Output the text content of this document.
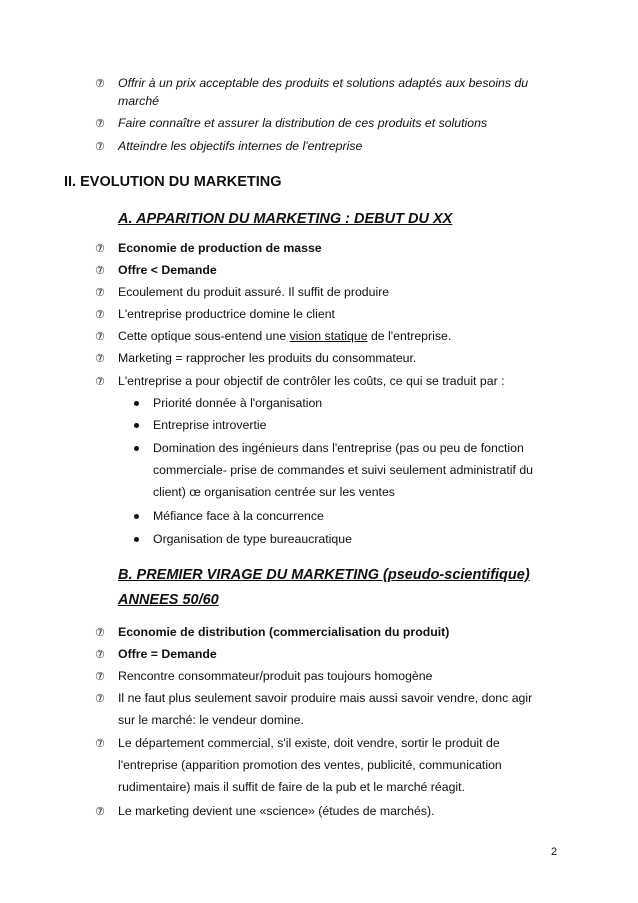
⑦	Offrir à un prix acceptable des produits et solutions adaptés aux besoins du
marché
⑦	Faire connaître et assurer la distribution de ces produits et solutions
⑦	Atteindre les objectifs internes de l'entreprise
II. EVOLUTION DU MARKETING
A. APPARITION DU MARKETING : DEBUT DU XX
⑦	Economie de production de masse
⑦	Offre < Demande
⑦	Ecoulement du produit assuré. Il suffit de produire
⑦	L'entreprise productrice domine le client
⑦	Cette optique sous-entend une vision statique de l'entreprise.
⑦	Marketing = rapprocher les produits du consommateur.
⑦	L'entreprise a pour objectif de contrôler les coûts, ce qui se traduit par :
Priorité donnée à l'organisation
Entreprise introvertie
Domination des ingénieurs dans l'entreprise (pas ou peu de fonction
commerciale- prise de commandes et suivi seulement administratif du
client) œ organisation centrée sur les ventes
Méfiance face à la concurrence
Organisation de type bureaucratique
B. PREMIER VIRAGE DU MARKETING (pseudo-scientifique)
ANNEES 50/60
⑦	Economie de distribution (commercialisation du produit)
⑦	Offre = Demande
⑦	Rencontre consommateur/produit pas toujours homogène
⑦	Il ne faut plus seulement savoir produire mais aussi savoir vendre, donc agir
sur le marché: le vendeur domine.
⑦	Le département commercial, s'il existe, doit vendre, sortir le produit de
l'entreprise (apparition promotion des ventes, publicité, communication
rudimentaire) mais il suffit de faire de la pub et le marché réagit.
⑦	Le marketing devient une «science» (études de marchés).
2
